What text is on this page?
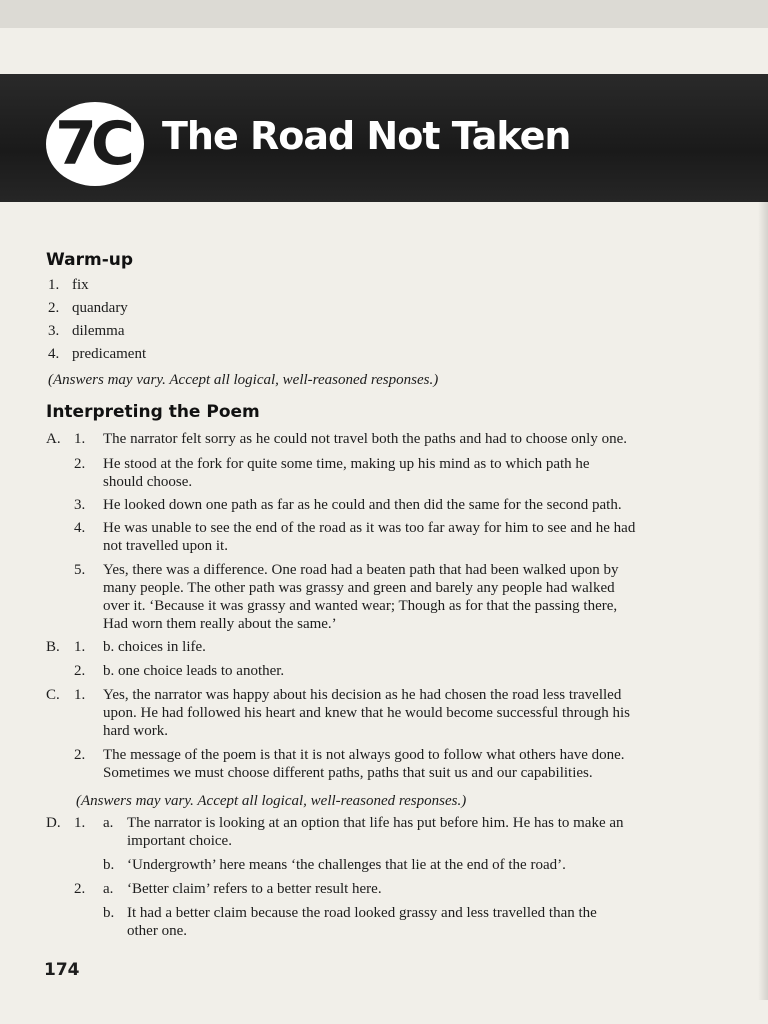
7C The Road Not Taken
Warm-up
1. fix
2. quandary
3. dilemma
4. predicament
(Answers may vary. Accept all logical, well-reasoned responses.)
Interpreting the Poem
A. 1. The narrator felt sorry as he could not travel both the paths and had to choose only one.
2. He stood at the fork for quite some time, making up his mind as to which path he
should choose.
3. He looked down one path as far as he could and then did the same for the second path.
4. He was unable to see the end of the road as it was too far away for him to see and he had
not travelled upon it.
5. Yes, there was a difference. One road had a beaten path that had been walked upon by
many people. The other path was grassy and green and barely any people had walked
over it. ‘Because it was grassy and wanted wear; Though as for that the passing there,
Had worn them really about the same.’
B. 1. b. choices in life.
2. b. one choice leads to another.
C. 1. Yes, the narrator was happy about his decision as he had chosen the road less travelled
upon. He had followed his heart and knew that he would become successful through his
hard work.
2. The message of the poem is that it is not always good to follow what others have done.
Sometimes we must choose different paths, paths that suit us and our capabilities.
(Answers may vary. Accept all logical, well-reasoned responses.)
D. 1. a. The narrator is looking at an option that life has put before him. He has to make an
important choice.
b. ‘Undergrowth’ here means ‘the challenges that lie at the end of the road’.
2. a. ‘Better claim’ refers to a better result here.
b. It had a better claim because the road looked grassy and less travelled than the
other one.
174
